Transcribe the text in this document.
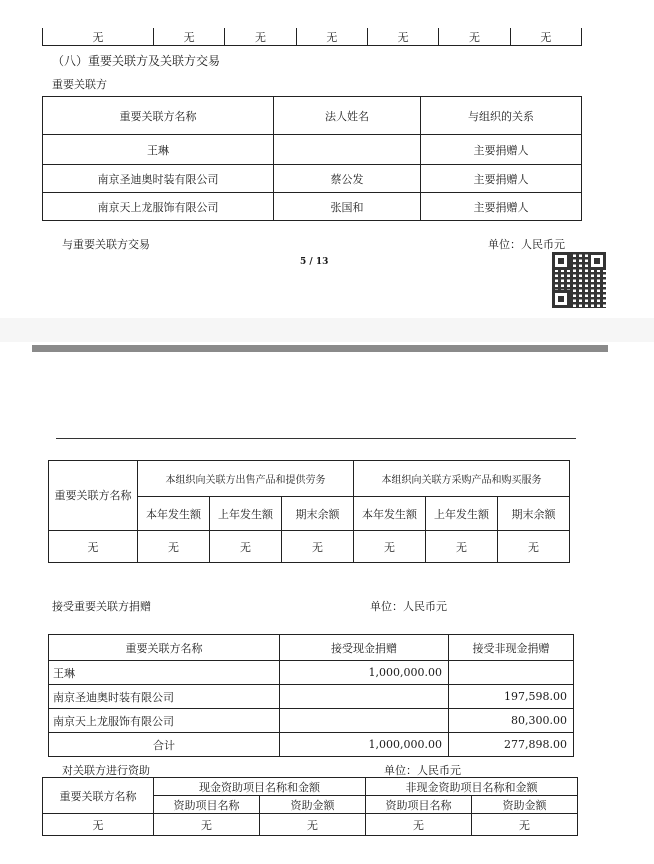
无	无	无	无	无	无	无
（八）重要关联方及关联方交易
重要关联方
重要关联方名称	法人姓名	与组织的关系
王琳		主要捐赠人
南京圣迪奥时装有限公司	蔡公发	主要捐赠人
南京天上龙服饰有限公司	张国和	主要捐赠人
与重要关联方交易	单位：人民币元
5 / 13
重要关联方名称	本组织向关联方出售产品和提供劳务			本组织向关联方采购产品和购买服务		
	本年发生额	上年发生额	期末余额	本年发生额	上年发生额	期末余额
无	无	无	无	无	无	无
接受重要关联方捐赠	单位：人民币元
重要关联方名称	接受现金捐赠	接受非现金捐赠
王琳	1,000,000.00	
南京圣迪奥时装有限公司		197,598.00
南京天上龙服饰有限公司		80,300.00
合计	1,000,000.00	277,898.00
对关联方进行资助	单位：人民币元
重要关联方名称	现金资助项目名称和金额		非现金资助项目名称和金额	
	资助项目名称	资助金额	资助项目名称	资助金额
无	无	无	无	无
